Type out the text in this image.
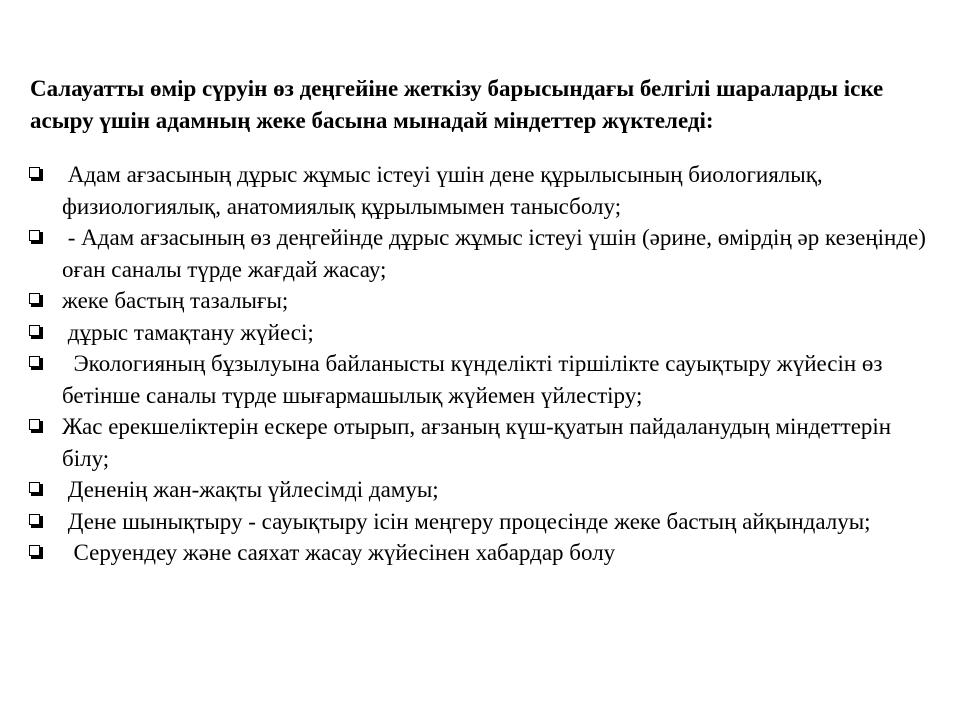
Салауатты өмір сүруін өз деңгейіне жеткізу барысындағы белгілі шараларды іске асыру үшін адамның жеке басына мынадай міндеттер жүктеледі:

Адам ағзасының дұрыс жұмыс істеуі үшін дене құрылысының биологиялық, физиологиялық, анатомиялық құрылымымен танысболу;
- Адам ағзасының өз деңгейінде дұрыс жұмыс істеуі үшін (әрине, өмірдің әр кезеңінде) оған саналы түрде жағдай жасау;
жеке бастың тазалығы;
дұрыс тамақтану жүйесі;
Экологияның бұзылуына байланысты күнделікті тіршілікте сауықтыру жүйесін өз бетінше саналы түрде шығармашылық жүйемен үйлестіру;
Жас ерекшеліктерін ескере отырып, ағзаның күш-қуатын пайдаланудың міндеттерін білу;
Дененің жан-жақты үйлесімді дамуы;
Дене шынықтыру - сауықтыру ісін меңгеру процесінде жеке бастың айқындалуы;
Серуендеу және саяхат жасау жүйесінен хабардар болу
